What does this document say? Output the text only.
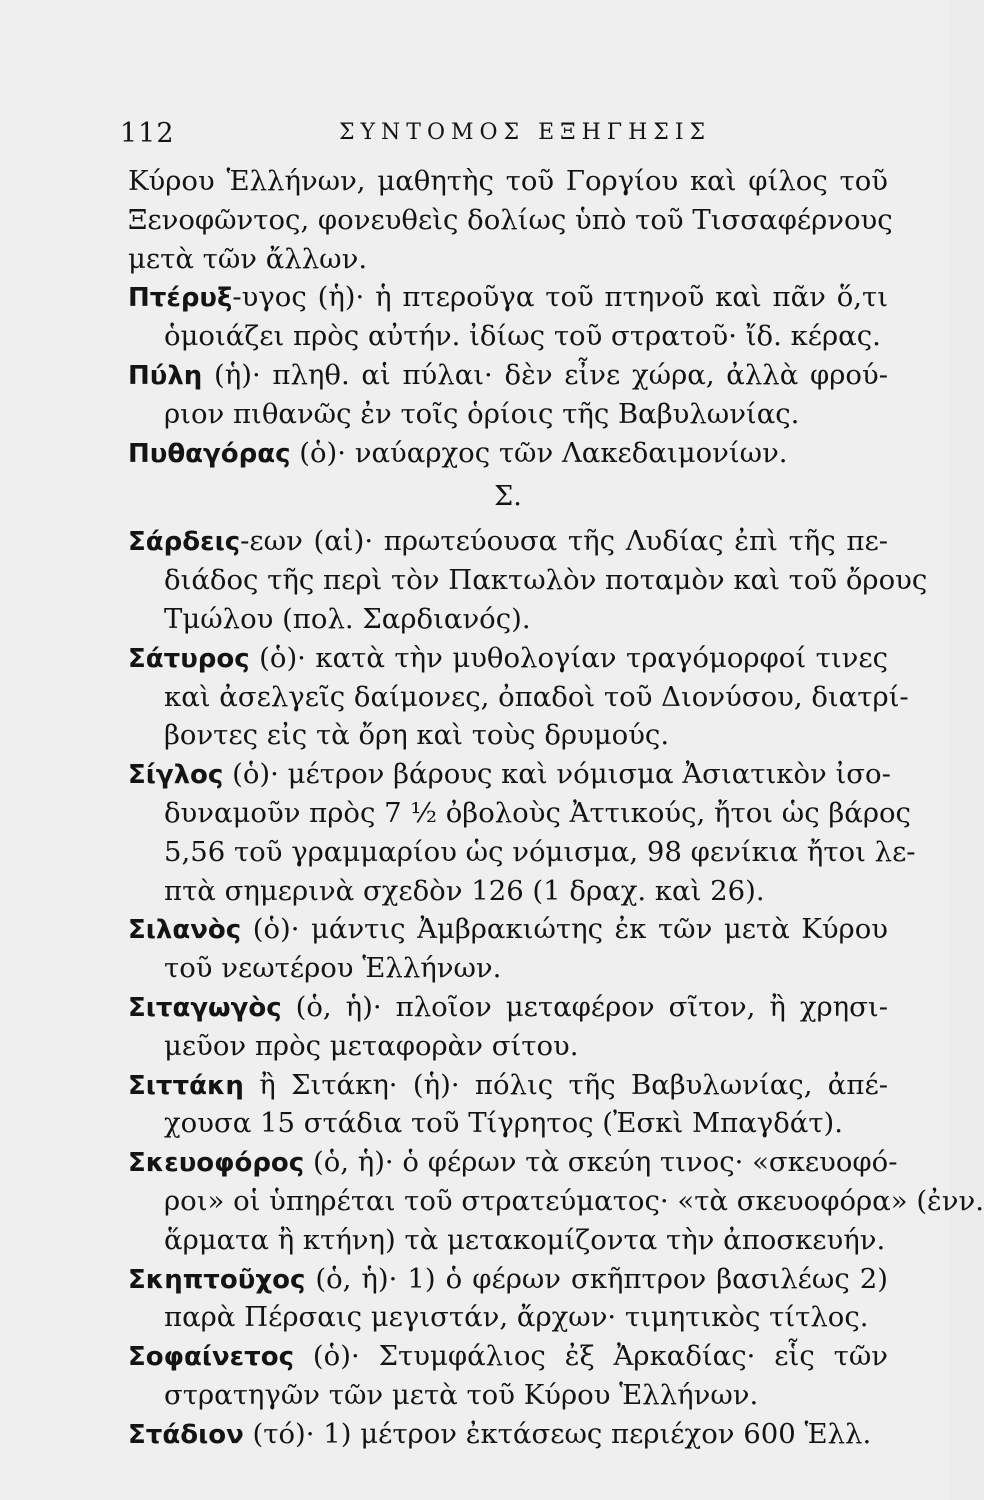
112	ΣΥΝΤΟΜΟΣ ΕΞΗΓΗΣΙΣ
Κύρου Ἑλλήνων, μαθητὴς τοῦ Γοργίου καὶ φίλος τοῦ
Ξενοφῶντος, φονευθεὶς δολίως ὑπὸ τοῦ Τισσαφέρνους
μετὰ τῶν ἄλλων.
Πτέρυξ-υγος (ἡ)· ἡ πτεροῦγα τοῦ πτηνοῦ καὶ πᾶν ὅ,τι
ὁμοιάζει πρὸς αὐτήν. ἰδίως τοῦ στρατοῦ· ἴδ. κέρας.
Πύλη (ἡ)· πληθ. αἱ πύλαι· δὲν εἶνε χώρα, ἀλλὰ φρού-
ριον πιθανῶς ἐν τοῖς ὁρίοις τῆς Βαβυλωνίας.
Πυθαγόρας (ὁ)· ναύαρχος τῶν Λακεδαιμονίων.
Σ.
Σάρδεις-εων (αἱ)· πρωτεύουσα τῆς Λυδίας ἐπὶ τῆς πε-
διάδος τῆς περὶ τὸν Πακτωλὸν ποταμὸν καὶ τοῦ ὄρους
Τμώλου (πολ. Σαρδιανός).
Σάτυρος (ὁ)· κατὰ τὴν μυθολογίαν τραγόμορφοί τινες
καὶ ἀσελγεῖς δαίμονες, ὀπαδοὶ τοῦ Διονύσου, διατρί-
βοντες εἰς τὰ ὄρη καὶ τοὺς δρυμούς.
Σίγλος (ὁ)· μέτρον βάρους καὶ νόμισμα Ἀσιατικὸν ἰσο-
δυναμοῦν πρὸς 7 ½ ὀβολοὺς Ἀττικούς, ἤτοι ὡς βάρος
5,56 τοῦ γραμμαρίου ὡς νόμισμα, 98 φενίκια ἤτοι λε-
πτὰ σημερινὰ σχεδὸν 126 (1 δραχ. καὶ 26).
Σιλανὸς (ὁ)· μάντις Ἀμβρακιώτης ἐκ τῶν μετὰ Κύρου
τοῦ νεωτέρου Ἑλλήνων.
Σιταγωγὸς (ὁ, ἡ)· πλοῖον μεταφέρον σῖτον, ἢ χρησι-
μεῦον πρὸς μεταφορὰν σίτου.
Σιττάκη ἢ Σιτάκη· (ἡ)· πόλις τῆς Βαβυλωνίας, ἀπέ-
χουσα 15 στάδια τοῦ Τίγρητος (Ἐσκὶ Μπαγδάτ).
Σκευοφόρος (ὁ, ἡ)· ὁ φέρων τὰ σκεύη τινος· «σκευοφό-
ροι» οἱ ὑπηρέται τοῦ στρατεύματος· «τὰ σκευοφόρα» (ἐνν.
ἅρματα ἢ κτήνη) τὰ μετακομίζοντα τὴν ἀποσκευήν.
Σκηπτοῦχος (ὁ, ἡ)· 1) ὁ φέρων σκῆπτρον βασιλέως 2)
παρὰ Πέρσαις μεγιστάν, ἄρχων· τιμητικὸς τίτλος.
Σοφαίνετος (ὁ)· Στυμφάλιος ἐξ Ἀρκαδίας· εἷς τῶν
στρατηγῶν τῶν μετὰ τοῦ Κύρου Ἑλλήνων.
Στάδιον (τό)· 1) μέτρον ἐκτάσεως περιέχον 600 Ἑλλ.
